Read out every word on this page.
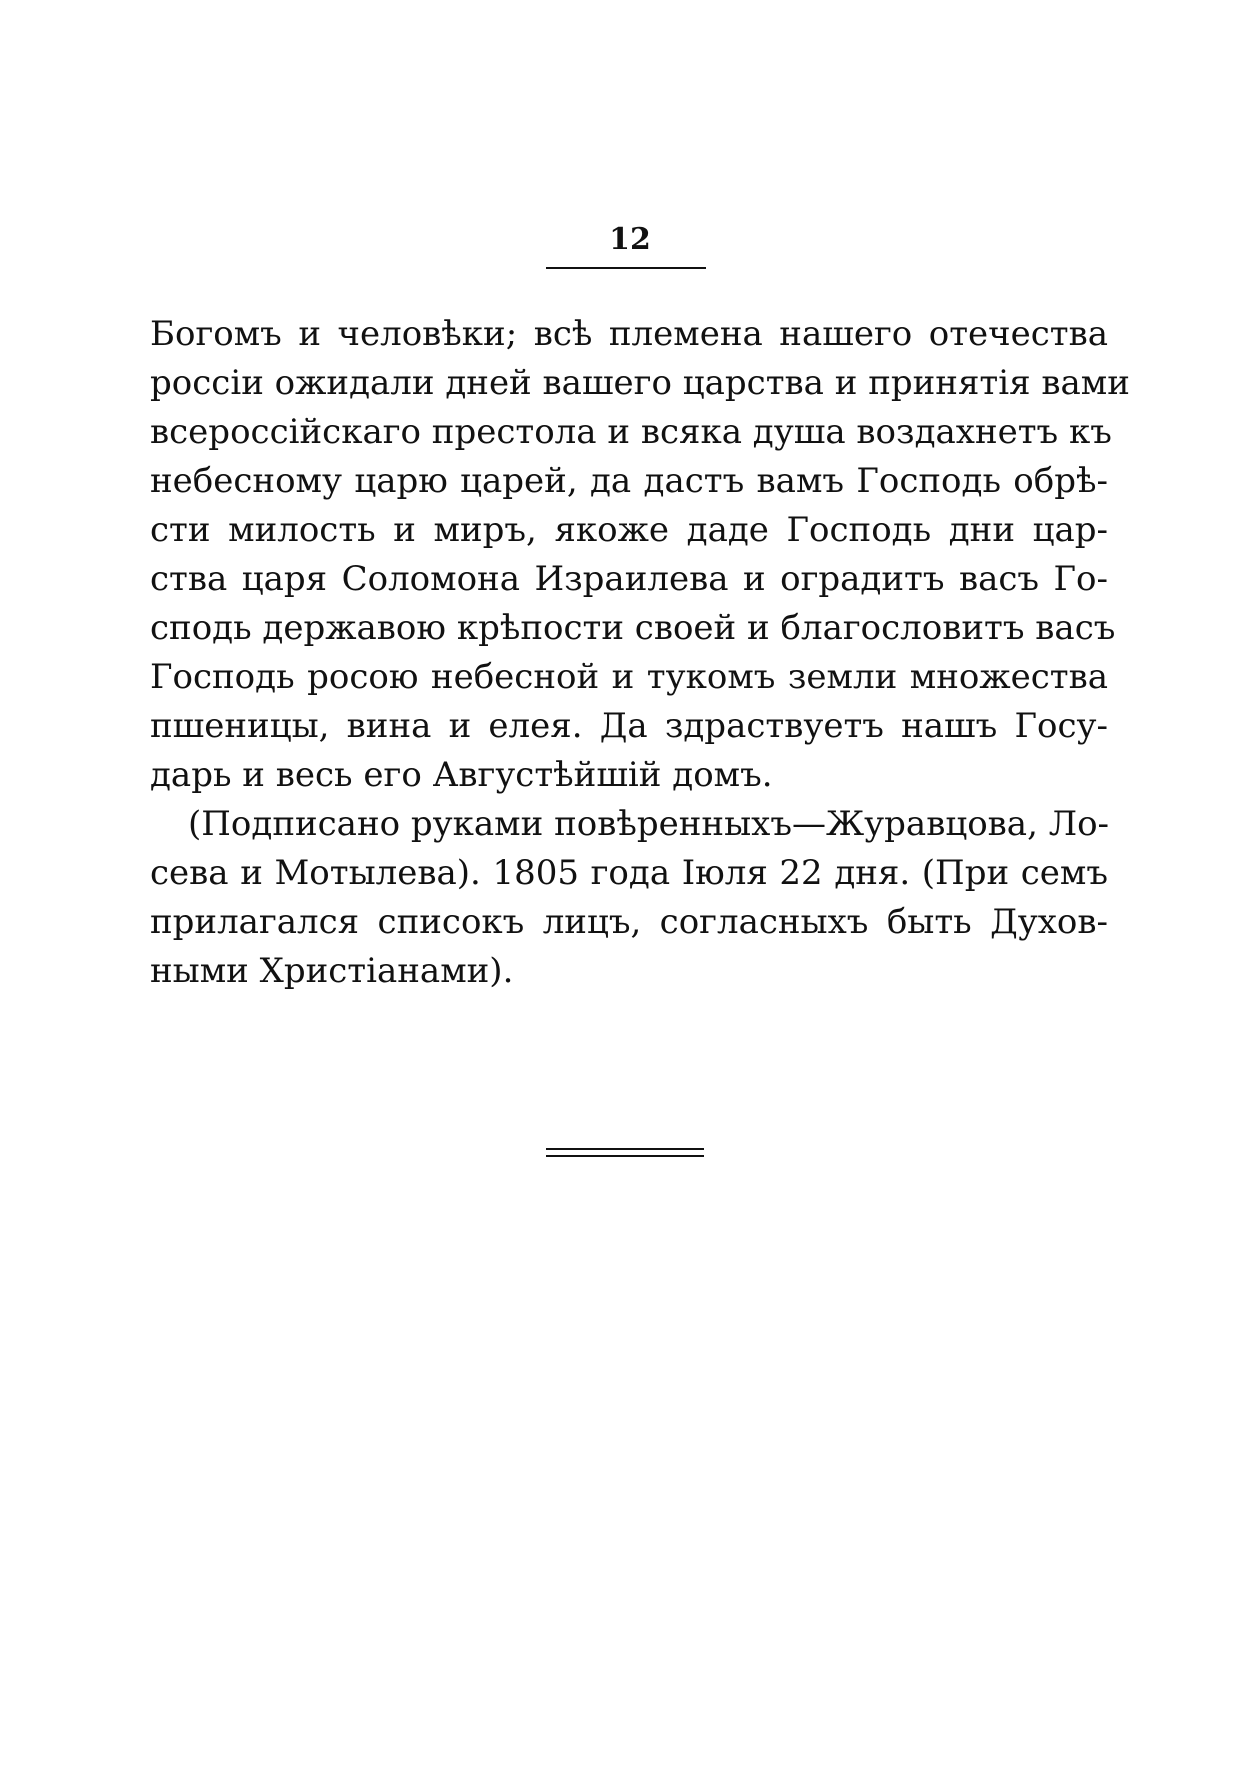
12
Богомъ и человѣки; всѣ племена нашего отечества
россіи ожидали дней вашего царства и принятія вами
всероссійскаго престола и всяка душа воздахнетъ къ
небесному царю царей, да дастъ вамъ Господь обрѣ-
сти милость и миръ, якоже даде Господь дни цар-
ства царя Соломона Израилева и оградитъ васъ Го-
сподь державою крѣпости своей и благословитъ васъ
Господь росою небесной и тукомъ земли множества
пшеницы, вина и елея. Да здраствуетъ нашъ Госу-
дарь и весь его Августѣйшій домъ.
(Подписано руками повѣренныхъ—Журавцова, Ло-
сева и Мотылева). 1805 года Іюля 22 дня. (При семъ
прилагался списокъ лицъ, согласныхъ быть Духов-
ными Христіанами).
